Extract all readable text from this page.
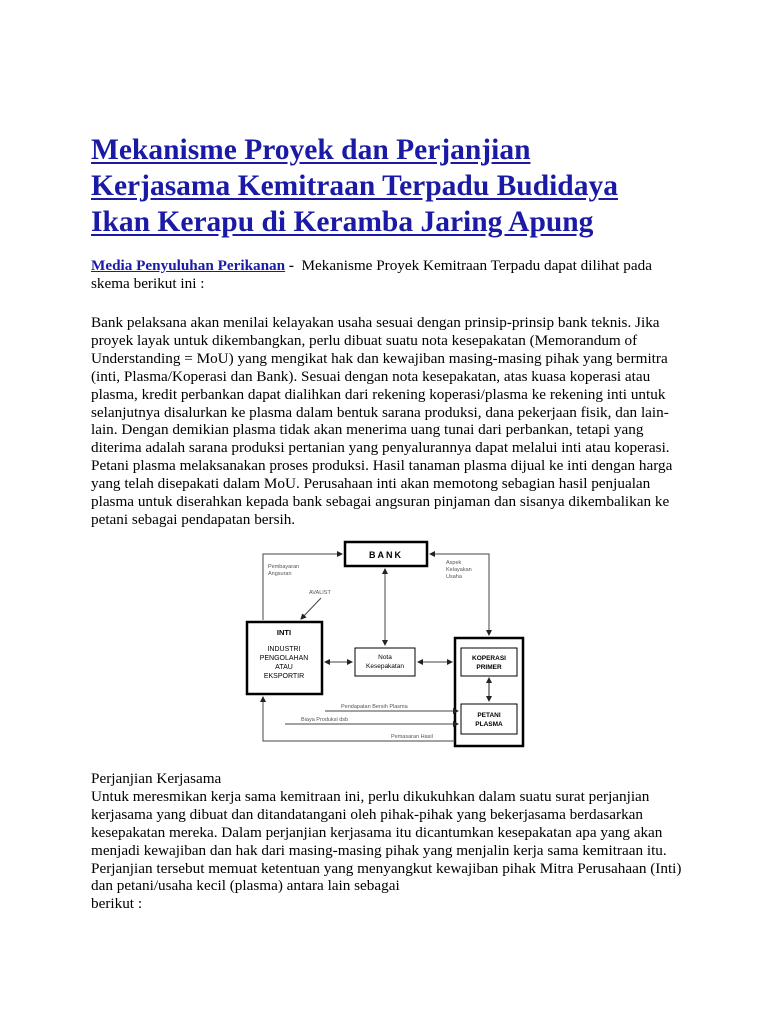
Mekanisme Proyek dan Perjanjian
Kerjasama Kemitraan Terpadu Budidaya
Ikan Kerapu di Keramba Jaring Apung
Media Penyuluhan Perikanan - Mekanisme Proyek Kemitraan Terpadu dapat dilihat pada
skema berikut ini :
Bank pelaksana akan menilai kelayakan usaha sesuai dengan prinsip-prinsip bank teknis. Jika
proyek layak untuk dikembangkan, perlu dibuat suatu nota kesepakatan (Memorandum of
Understanding = MoU) yang mengikat hak dan kewajiban masing-masing pihak yang bermitra
(inti, Plasma/Koperasi dan Bank). Sesuai dengan nota kesepakatan, atas kuasa koperasi atau
plasma, kredit perbankan dapat dialihkan dari rekening koperasi/plasma ke rekening inti untuk
selanjutnya disalurkan ke plasma dalam bentuk sarana produksi, dana pekerjaan fisik, dan lain-
lain. Dengan demikian plasma tidak akan menerima uang tunai dari perbankan, tetapi yang
diterima adalah sarana produksi pertanian yang penyalurannya dapat melalui inti atau koperasi.
Petani plasma melaksanakan proses produksi. Hasil tanaman plasma dijual ke inti dengan harga
yang telah disepakati dalam MoU. Perusahaan inti akan memotong sebagian hasil penjualan
plasma untuk diserahkan kepada bank sebagai angsuran pinjaman dan sisanya dikembalikan ke
petani sebagai pendapatan bersih.
BANK
INTI
INDUSTRI
PENGOLAHAN
ATAU
EKSPORTIR
Nota
Kesepakatan
KOPERASI
PRIMER
PETANI
PLASMA
Pembayaran
Angsuran
AVALIST
Aspek
Kelayakan
Usaha
Pendapatan Bersih Plasma
Biaya Produksi dsb
Pemasaran Hasil
Perjanjian Kerjasama
Untuk meresmikan kerja sama kemitraan ini, perlu dikukuhkan dalam suatu surat perjanjian
kerjasama yang dibuat dan ditandatangani oleh pihak-pihak yang bekerjasama berdasarkan
kesepakatan mereka. Dalam perjanjian kerjasama itu dicantumkan kesepakatan apa yang akan
menjadi kewajiban dan hak dari masing-masing pihak yang menjalin kerja sama kemitraan itu.
Perjanjian tersebut memuat ketentuan yang menyangkut kewajiban pihak Mitra Perusahaan (Inti)
dan petani/usaha kecil (plasma) antara lain sebagai
berikut :
